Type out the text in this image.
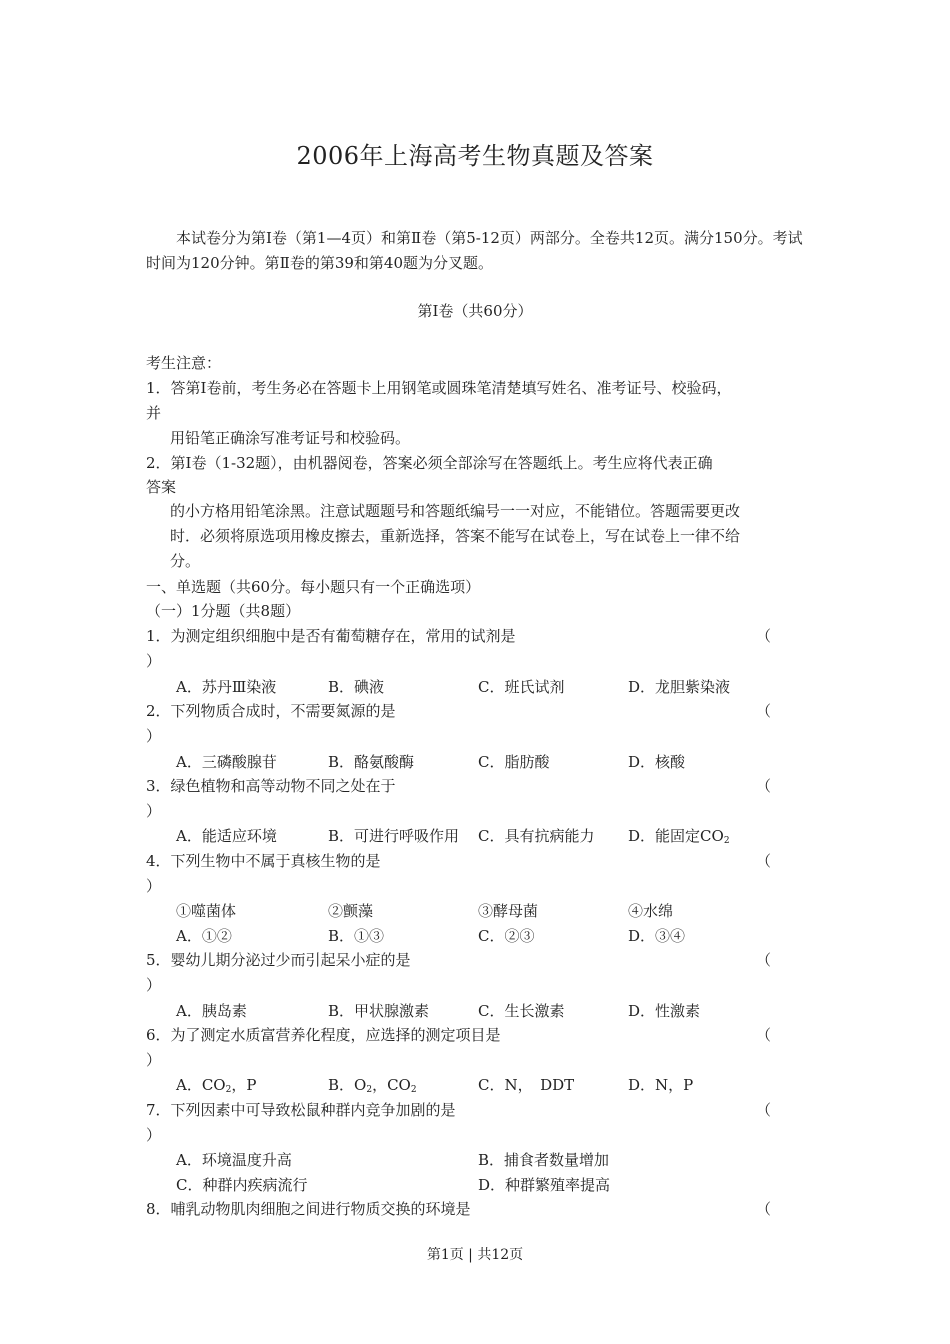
2006年上海高考生物真题及答案
本试卷分为第Ⅰ卷（第1—4页）和第Ⅱ卷（第5-12页）两部分。全卷共12页。满分150分。考试时间为120分钟。第Ⅱ卷的第39和第40题为分叉题。
第Ⅰ卷（共60分）
考生注意：
1．答第Ⅰ卷前，考生务必在答题卡上用钢笔或圆珠笔清楚填写姓名、准考证号、校验码，
并
用铅笔正确涂写准考证号和校验码。
2．第Ⅰ卷（1-32题），由机器阅卷，答案必须全部涂写在答题纸上。考生应将代表正确
答案
的小方格用铅笔涂黑。注意试题题号和答题纸编号一一对应，不能错位。答题需要更改
时．必须将原选项用橡皮擦去，重新选择，答案不能写在试卷上，写在试卷上一律不给
分。
一、单选题（共60分。每小题只有一个正确选项）
（一）1分题（共8题）
1．为测定组织细胞中是否有葡萄糖存在，常用的试剂是	（
）
A．苏丹Ⅲ染液	B．碘液	C．班氏试剂	D．龙胆紫染液
2．下列物质合成时，不需要氮源的是	（
）
A．三磷酸腺苷	B．酪氨酸酶	C．脂肪酸	D．核酸
3．绿色植物和高等动物不同之处在于	（
）
A．能适应环境	B．可进行呼吸作用 C．具有抗病能力 D．能固定$CO_2$
4．下列生物中不属于真核生物的是	（
）
①噬菌体	②颤藻	③酵母菌	④水绵
A．①②	B．①③	C．②③	D．③④
5．婴幼儿期分泌过少而引起呆小症的是	（
）
A．胰岛素	B．甲状腺激素	C．生长激素	D．性激素
6．为了测定水质富营养化程度，应选择的测定项目是	（
）
A．$CO_2$，P	B．$O_2$，$CO_2$	C．N，　DDT	D．N，P
7．下列因素中可导致松鼠种群内竞争加剧的是	（
）
A．环境温度升高	B．捕食者数量增加
C．种群内疾病流行	D．种群繁殖率提高
8．哺乳动物肌肉细胞之间进行物质交换的环境是	（
第1页 | 共12页
